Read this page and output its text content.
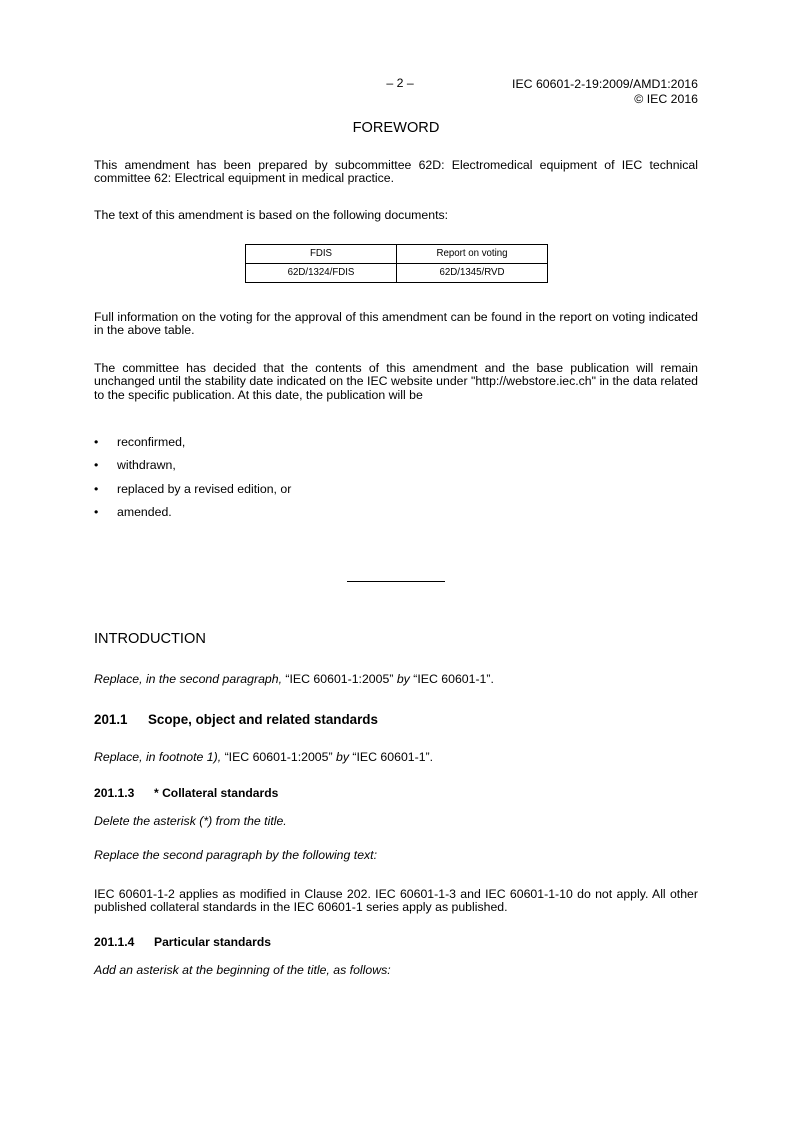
– 2 –	IEC 60601-2-19:2009/AMD1:2016
© IEC 2016
FOREWORD
This amendment has been prepared by subcommittee 62D: Electromedical equipment of IEC technical committee 62: Electrical equipment in medical practice.
The text of this amendment is based on the following documents:
FDIS	Report on voting
62D/1324/FDIS	62D/1345/RVD
Full information on the voting for the approval of this amendment can be found in the report on voting indicated in the above table.
The committee has decided that the contents of this amendment and the base publication will remain unchanged until the stability date indicated on the IEC website under "http://webstore.iec.ch" in the data related to the specific publication. At this date, the publication will be
• reconfirmed,
• withdrawn,
• replaced by a revised edition, or
• amended.
INTRODUCTION
Replace, in the second paragraph, “IEC 60601-1:2005” by “IEC 60601-1”.
201.1 Scope, object and related standards
Replace, in footnote 1), “IEC 60601-1:2005” by “IEC 60601-1”.
201.1.3 * Collateral standards
Delete the asterisk (*) from the title.
Replace the second paragraph by the following text:
IEC 60601-1-2 applies as modified in Clause 202. IEC 60601-1-3 and IEC 60601-1-10 do not apply. All other published collateral standards in the IEC 60601-1 series apply as published.
201.1.4 Particular standards
Add an asterisk at the beginning of the title, as follows:
